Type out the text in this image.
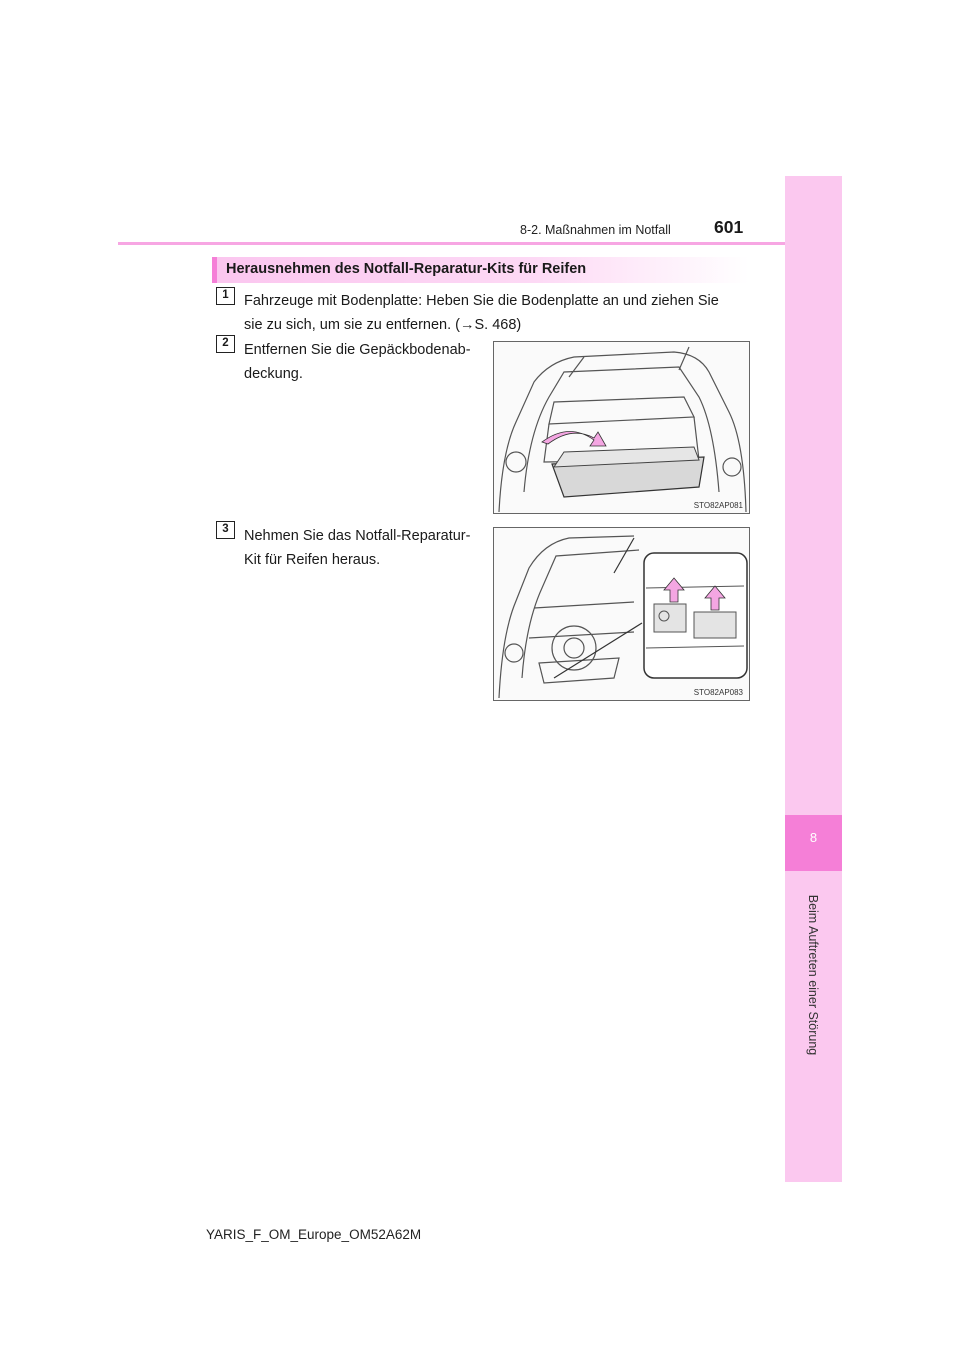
8
Beim Auftreten einer Störung
8-2. Maßnahmen im Notfall 601
Herausnehmen des Notfall-Reparatur-Kits für Reifen
1	Fahrzeuge mit Bodenplatte: Heben Sie die Bodenplatte an und ziehen Sie
sie zu sich, um sie zu entfernen. (→S. 468)
2	Entfernen Sie die Gepäckbodenab-
deckung.
STO82AP081
3	Nehmen Sie das Notfall-Reparatur-
Kit für Reifen heraus.
STO82AP083
YARIS_F_OM_Europe_OM52A62M
